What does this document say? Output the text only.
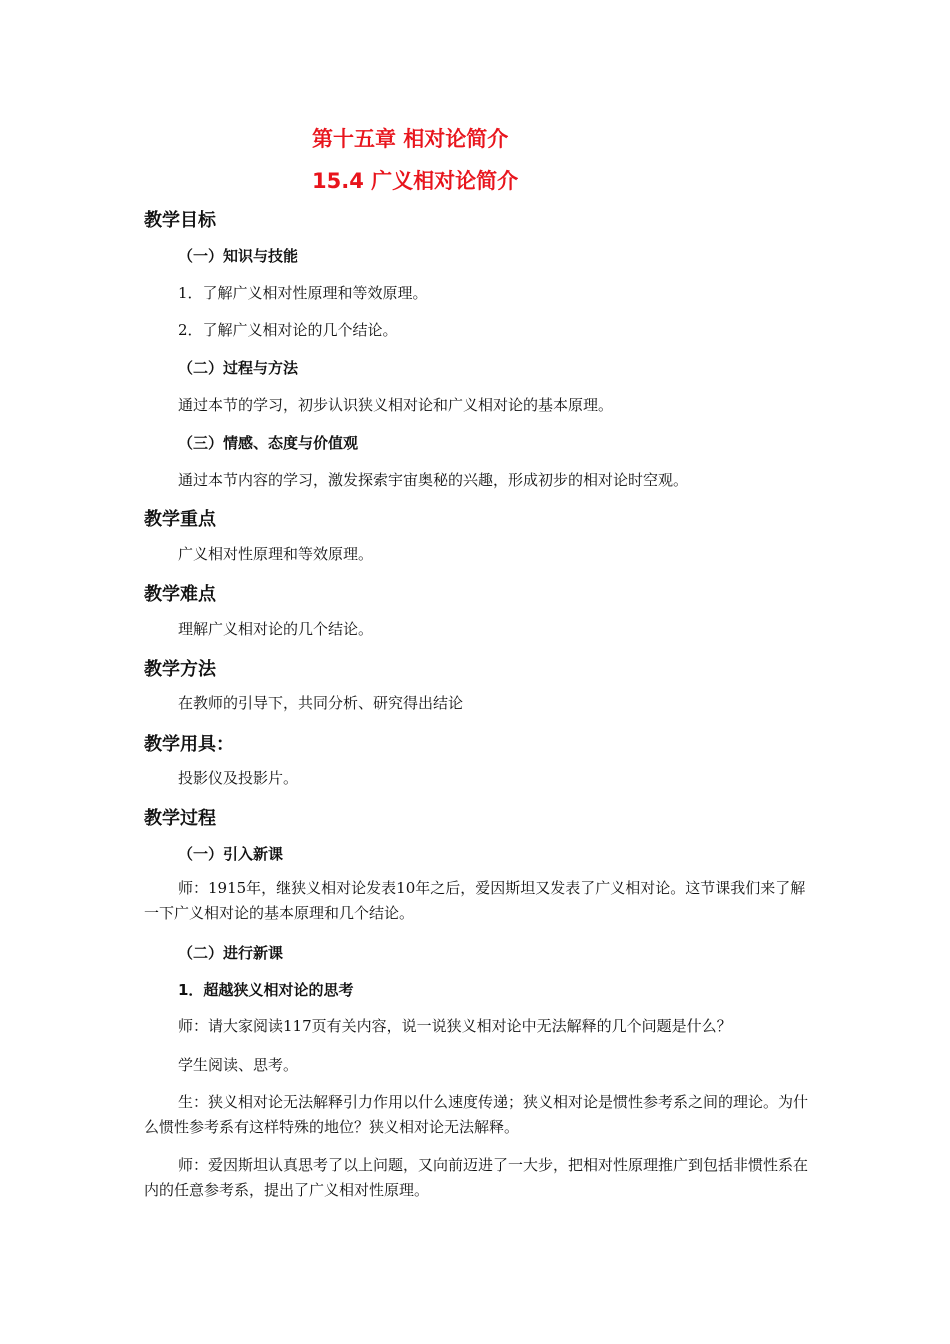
第十五章 相对论简介
15.4 广义相对论简介
教学目标
（一）知识与技能
1．了解广义相对性原理和等效原理。
2．了解广义相对论的几个结论。
（二）过程与方法
通过本节的学习，初步认识狭义相对论和广义相对论的基本原理。
（三）情感、态度与价值观
通过本节内容的学习，激发探索宇宙奥秘的兴趣，形成初步的相对论时空观。
教学重点
广义相对性原理和等效原理。
教学难点
理解广义相对论的几个结论。
教学方法
在教师的引导下，共同分析、研究得出结论
教学用具：
投影仪及投影片。
教学过程
（一）引入新课
师：1915年，继狭义相对论发表10年之后，爱因斯坦又发表了广义相对论。这节课我们来了解一下广义相对论的基本原理和几个结论。
（二）进行新课
1．超越狭义相对论的思考
师：请大家阅读117页有关内容，说一说狭义相对论中无法解释的几个问题是什么？
学生阅读、思考。
生：狭义相对论无法解释引力作用以什么速度传递；狭义相对论是惯性参考系之间的理论。为什么惯性参考系有这样特殊的地位？狭义相对论无法解释。
师：爱因斯坦认真思考了以上问题，又向前迈进了一大步，把相对性原理推广到包括非惯性系在内的任意参考系，提出了广义相对性原理。
